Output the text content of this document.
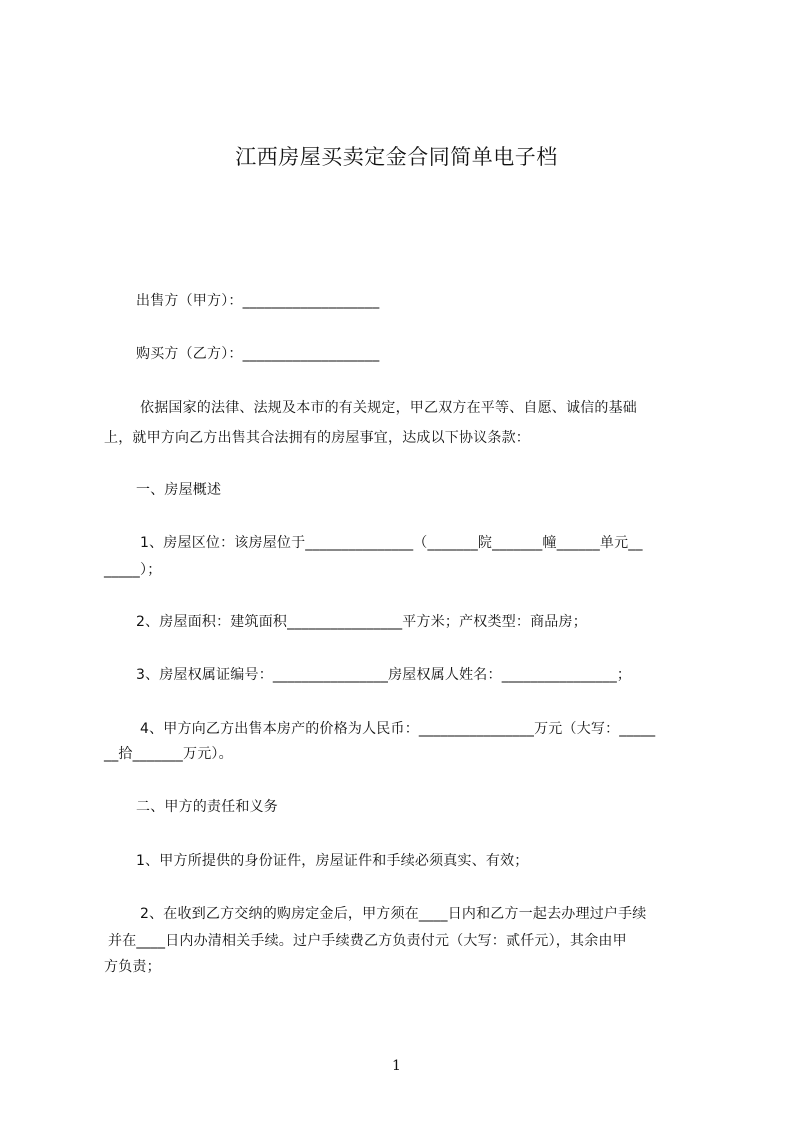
江西房屋买卖定金合同简单电子档
出售方（甲方）：___________________
购买方（乙方）：___________________
依据国家的法律、法规及本市的有关规定，甲乙双方在平等、自愿、诚信的基础
上，就甲方向乙方出售其合法拥有的房屋事宜，达成以下协议条款：
一、房屋概述
1、房屋区位：该房屋位于_______________（_______院_______幢______单元__
_____）；
2、房屋面积：建筑面积________________平方米；产权类型：商品房；
3、房屋权属证编号：________________房屋权属人姓名：________________；
4、甲方向乙方出售本房产的价格为人民币：________________万元（大写：_____
__拾_______万元）。
二、甲方的责任和义务
1、甲方所提供的身份证件，房屋证件和手续必须真实、有效；
2、在收到乙方交纳的购房定金后，甲方须在____日内和乙方一起去办理过户手续
并在____日内办清相关手续。过户手续费乙方负责付元（大写：贰仟元），其余由甲
方负责；
1
